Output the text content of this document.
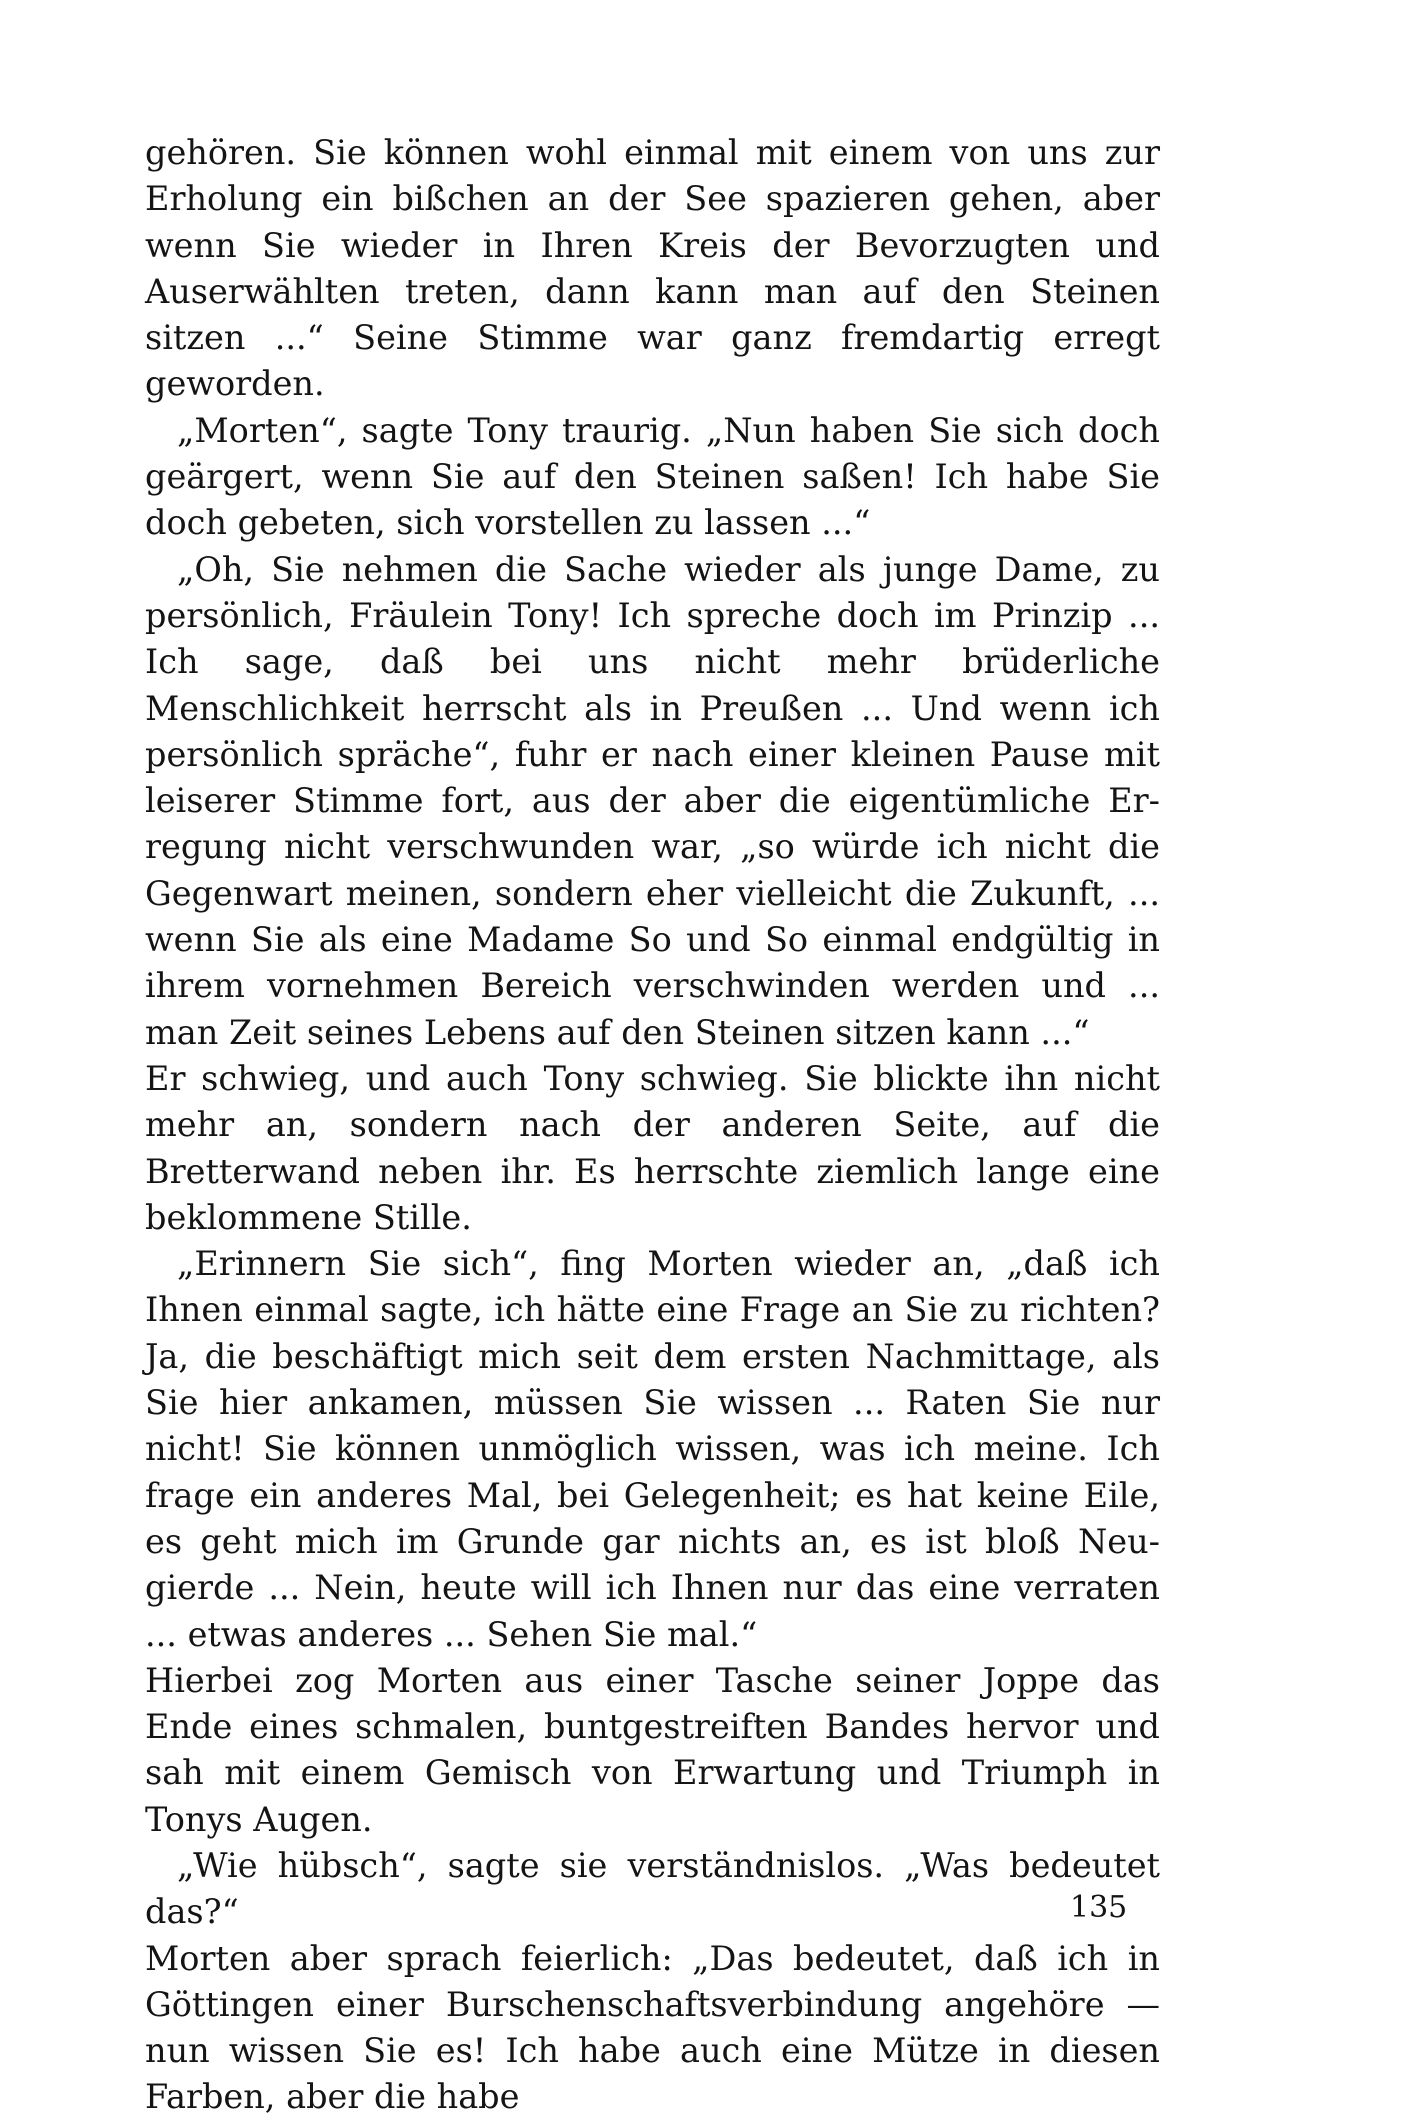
gehören. Sie können wohl einmal mit einem von uns zur Erholung ein bißchen an der See spazieren gehen, aber wenn Sie wieder in Ihren Kreis der Bevorzugten und Auserwählten treten, dann kann man auf den Steinen sitzen ...“ Seine Stimme war ganz fremdartig erregt geworden.

„Morten“, sagte Tony traurig. „Nun haben Sie sich doch geärgert, wenn Sie auf den Steinen saßen! Ich habe Sie doch gebeten, sich vorstellen zu lassen ...“

„Oh, Sie nehmen die Sache wieder als junge Dame, zu persönlich, Fräulein Tony! Ich spreche doch im Prinzip ... Ich sage, daß bei uns nicht mehr brüderliche Menschlichkeit herrscht als in Preußen ... Und wenn ich persönlich spräche“, fuhr er nach einer kleinen Pause mit leiserer Stimme fort, aus der aber die eigentümliche Erregung nicht verschwunden war, „so würde ich nicht die Gegenwart meinen, sondern eher vielleicht die Zukunft, ... wenn Sie als eine Madame So und So einmal endgültig in ihrem vornehmen Bereich verschwinden werden und ... man Zeit seines Lebens auf den Steinen sitzen kann ...“

Er schwieg, und auch Tony schwieg. Sie blickte ihn nicht mehr an, sondern nach der anderen Seite, auf die Bretterwand neben ihr. Es herrschte ziemlich lange eine beklommene Stille.

„Erinnern Sie sich“, fing Morten wieder an, „daß ich Ihnen einmal sagte, ich hätte eine Frage an Sie zu richten? Ja, die beschäftigt mich seit dem ersten Nachmittage, als Sie hier ankamen, müssen Sie wissen ... Raten Sie nur nicht! Sie können unmöglich wissen, was ich meine. Ich frage ein anderes Mal, bei Gelegenheit; es hat keine Eile, es geht mich im Grunde gar nichts an, es ist bloß Neugierde ... Nein, heute will ich Ihnen nur das eine verraten ... etwas anderes ... Sehen Sie mal.“

Hierbei zog Morten aus einer Tasche seiner Joppe das Ende eines schmalen, buntgestreiften Bandes hervor und sah mit einem Gemisch von Erwartung und Triumph in Tonys Augen.

„Wie hübsch“, sagte sie verständnislos. „Was bedeutet das?“

Morten aber sprach feierlich: „Das bedeutet, daß ich in Göttingen einer Burschenschaftsverbindung angehöre — nun wissen Sie es! Ich habe auch eine Mütze in diesen Farben, aber die habe

135
